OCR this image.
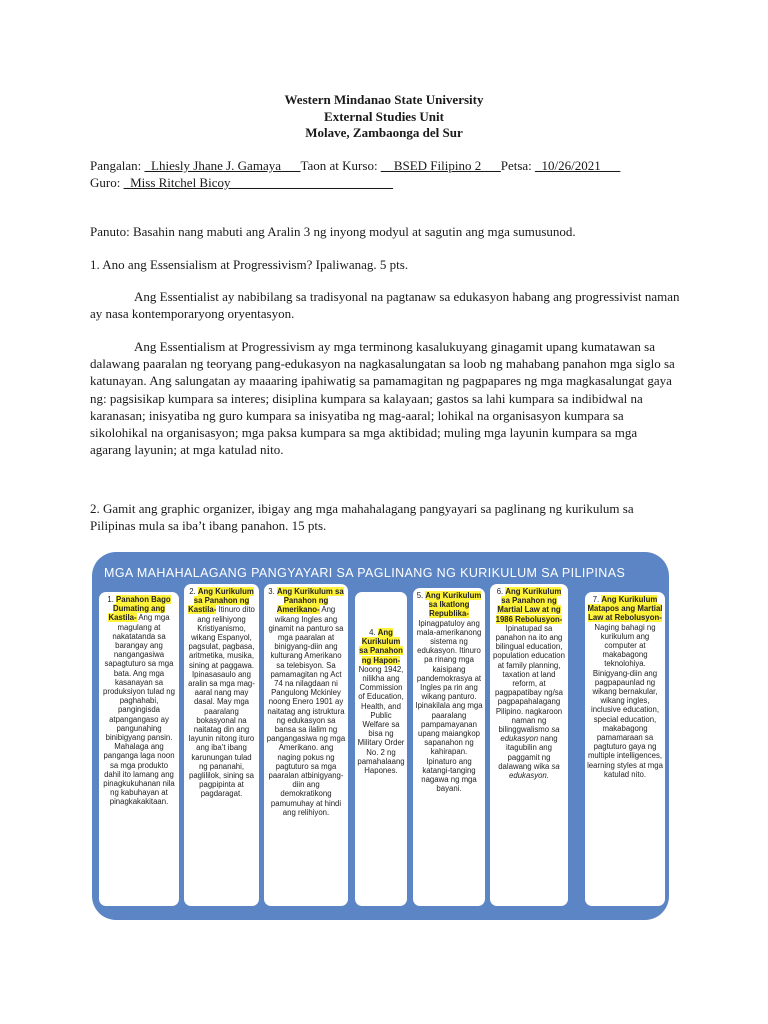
Western Mindanao State University
External Studies Unit
Molave, Zambaonga del Sur
Pangalan: _Lhiesly Jhane J. Gamaya___Taon at Kurso: __BSED Filipino 2___Petsa: _10/26/2021___
Guro: _Miss Ritchel Bicoy_________________________
Panuto: Basahin nang mabuti ang Aralin 3 ng inyong modyul at sagutin ang mga sumusunod.
1. Ano ang Essensialism at Progressivism? Ipaliwanag. 5 pts.
Ang Essentialist ay nabibilang sa tradisyonal na pagtanaw sa edukasyon habang ang progressivist naman ay nasa kontemporaryong oryentasyon.
Ang Essentialism at Progressivism ay mga terminong kasalukuyang ginagamit upang kumatawan sa dalawang paaralan ng teoryang pang-edukasyon na nagkasalungatan sa loob ng mahabang panahon mga siglo sa katunayan. Ang salungatan ay maaaring ipahiwatig sa pamamagitan ng pagpapares ng mga magkasalungat gaya ng: pagsisikap kumpara sa interes; disiplina kumpara sa kalayaan; gastos sa lahi kumpara sa indibidwal na karanasan; inisyatiba ng guro kumpara sa inisyatiba ng mag-aaral; lohikal na organisasyon kumpara sa sikolohikal na organisasyon; mga paksa kumpara sa mga aktibidad; muling mga layunin kumpara sa mga agarang layunin; at mga katulad nito.
2. Gamit ang graphic organizer, ibigay ang mga mahahalagang pangyayari sa paglinang ng kurikulum sa Pilipinas mula sa iba’t ibang panahon. 15 pts.
MGA MAHAHALAGANG PANGYAYARI SA PAGLINANG NG KURIKULUM SA PILIPINAS
1. Panahon Bago Dumating ang Kastila- Ang mga magulang at nakatatanda sa barangay ang nangangasiwa sapagtuturo sa mga bata. Ang mga kasanayan sa produksiyon tulad ng paghahabi, pangingisda atpangangaso ay pangunahing binibigyang pansin. Mahalaga ang panganga laga noon sa mga produkto dahil ito lamang ang pinagkukuhanan nila ng kabuhayan at pinagkakakitaan.
2. Ang Kurikulum sa Panahon ng Kastila- Itinuro dito ang relihiyong Kristiyanismo, wikang Espanyol, pagsulat, pagbasa, aritmetika, musika, sining at paggawa. Ipinasasaulo ang aralin sa mga mag-aaral nang may dasal. May mga paaralang bokasyonal na naitatag din ang layunin nitong ituro ang iba’t ibang karunungan tulad ng pananahi, paglililok, sining sa pagpipinta at pagdaragat.
3. Ang Kurikulum sa Panahon ng Amerikano- Ang wikang Ingles ang ginamit na panturo sa mga paaralan at binigyang-diin ang kulturang Amerikano sa telebisyon. Sa pamamagitan ng Act 74 na nilagdaan ni Pangulong Mckinley noong Enero 1901 ay naitatag ang istruktura ng edukasyon sa bansa sa ilalim ng pangangasiwa ng mga Amerikano. ang naging pokus ng pagtuturo sa mga paaralan atbinigyang-diin ang demokratikong pamumuhay at hindi ang relihiyon.
4. Ang Kurikulum sa Panahon ng Hapon- Noong 1942, nilikha ang Commission of Education, Health, and Public Welfare sa bisa ng Military Order No. 2 ng pamahalaang Hapones.
5. Ang Kurikulum sa Ikatlong Republika- Ipinagpatuloy ang mala-amerikanong sistema ng edukasyon. Itinuro pa rinang mga kaisipang pandemokrasya at Ingles pa rin ang wikang panturo. Ipinakilala ang mga paaralang pampamayanan upang maiangkop sapanahon ng kahirapan. Ipinaturo ang katangi-tanging nagawa ng mga bayani.
6. Ang Kurikulum sa Panahon ng Martial Law at ng 1986 Rebolusyon- Ipinatupad sa panahon na ito ang bilingual education, population education at family planning, taxation at land reform, at pagpapatibay ng/sa pagpapahalagang Pilipino. nagkaroon naman ng bilinggwalismo sa edukasyon nang itagubilin ang paggamit ng dalawang wika sa edukasyon.
7. Ang Kurikulum Matapos ang Martial Law at Rebolusyon- Naging bahagi ng kurikulum ang computer at makabagong teknolohiya. Binigyang-diin ang pagpapaunlad ng wikang bernakular, wikang ingles, inclusive education, special education, makabagong pamamaraan sa pagtuturo gaya ng multiple intelligences, learning styles at mga katulad nito.
